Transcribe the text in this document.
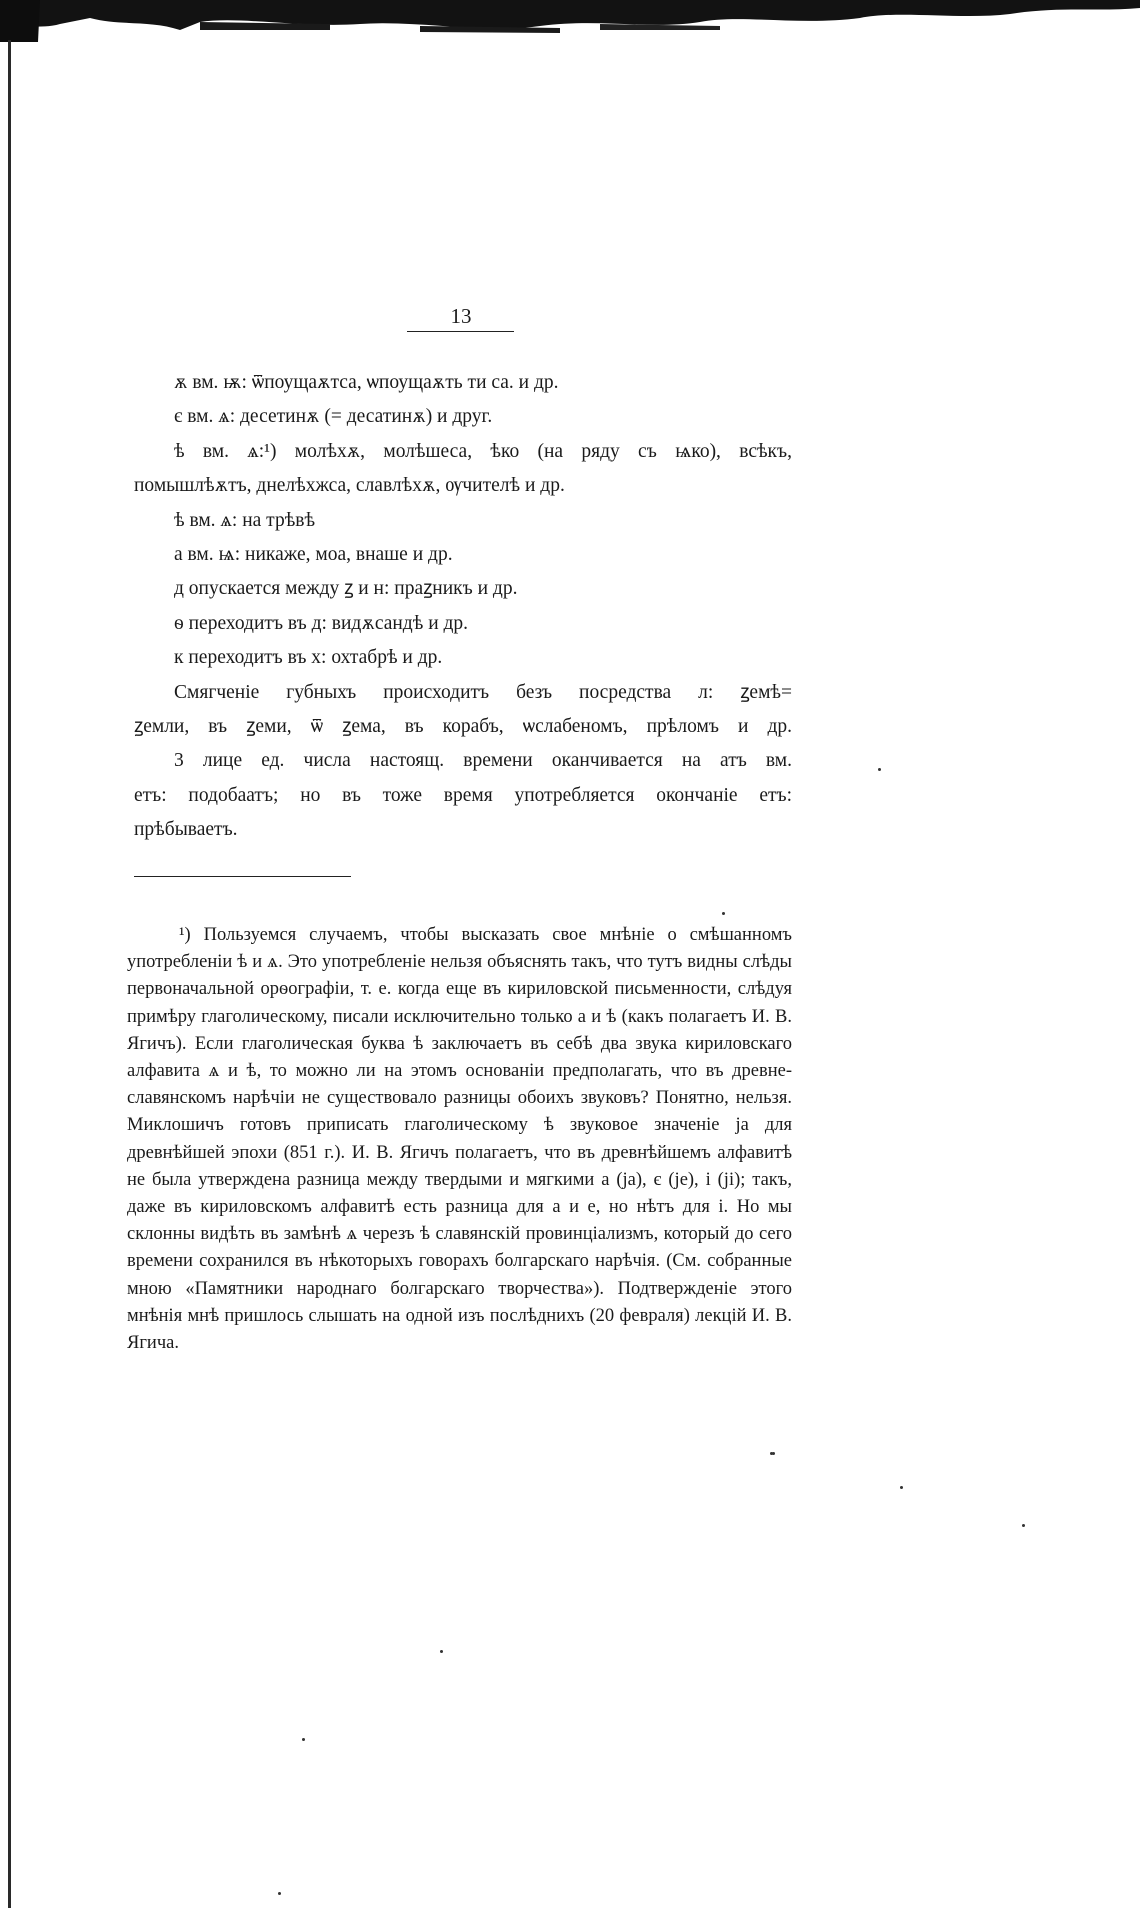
13
ѫ вм. ѭ: ѿпоущаѫтса, ѡпоущаѫть ти са. и др.
є вм. ѧ: десетинѫ (= десатинѫ) и друг.
ѣ вм. ѧ:¹) молѣхѫ, молѣшеса, ѣко (на ряду съ ѩко), всѣкъ,
помышлѣѫтъ, днелѣхжса, славлѣхѫ, ѹчителѣ и др.
ѣ вм. ѧ: на трѣвѣ
а вм. ѩ: никаже, моа, внаше и др.
д опускается между ꙁ и н: праꙁникъ и др.
ѳ переходитъ въ д: видѫсандѣ и др.
к переходитъ въ х: охтабрѣ и др.
Смягченіе губныхъ происходитъ безъ посредства л: ꙁемѣ=
ꙁемли, въ ꙁеми, ѿ ꙁема, въ корабъ, ѡслабеномъ, прѣломъ и др.
3 лице ед. числа настоящ. времени оканчивается на атъ вм.
етъ: подобаатъ; но въ тоже время употребляется окончаніе етъ:
прѣбываетъ.

¹) Пользуемся случаемъ, чтобы высказать свое мнѣніе о смѣшанномъ употребленіи ѣ и ѧ. Это употребленіе нельзя объяснять такъ, что тутъ видны слѣды первоначальной орѳографіи, т. е. когда еще въ кириловской письменности, слѣдуя примѣру глаголическому, писали исключительно только а и ѣ (какъ полагаетъ И. В. Ягичъ). Если глаголическая буква ѣ заключаетъ въ себѣ два звука кириловскаго алфавита ѧ и ѣ, то можно ли на этомъ основаніи предполагать, что въ древне-славянскомъ нарѣчіи не существовало разницы обоихъ звуковъ? Понятно, нельзя. Миклошичъ готовъ приписать глаголическому ѣ звуковое значеніе ja для древнѣйшей эпохи (851 г.). И. В. Ягичъ полагаетъ, что въ древнѣйшемъ алфавитѣ не была утверждена разница между твердыми и мягкими а (ja), є (je), і (ji); такъ, даже въ кириловскомъ алфавитѣ есть разница для а и е, но нѣтъ для і. Но мы склонны видѣть въ замѣнѣ ѧ черезъ ѣ славянскій провинціализмъ, который до сего времени сохранился въ нѣкоторыхъ говорахъ болгарскаго нарѣчія. (См. собранные мною «Памятники народнаго болгарскаго творчества»). Подтвержденіе этого мнѣнія мнѣ пришлось слышать на одной изъ послѣднихъ (20 февраля) лекцій И. В. Ягича.
